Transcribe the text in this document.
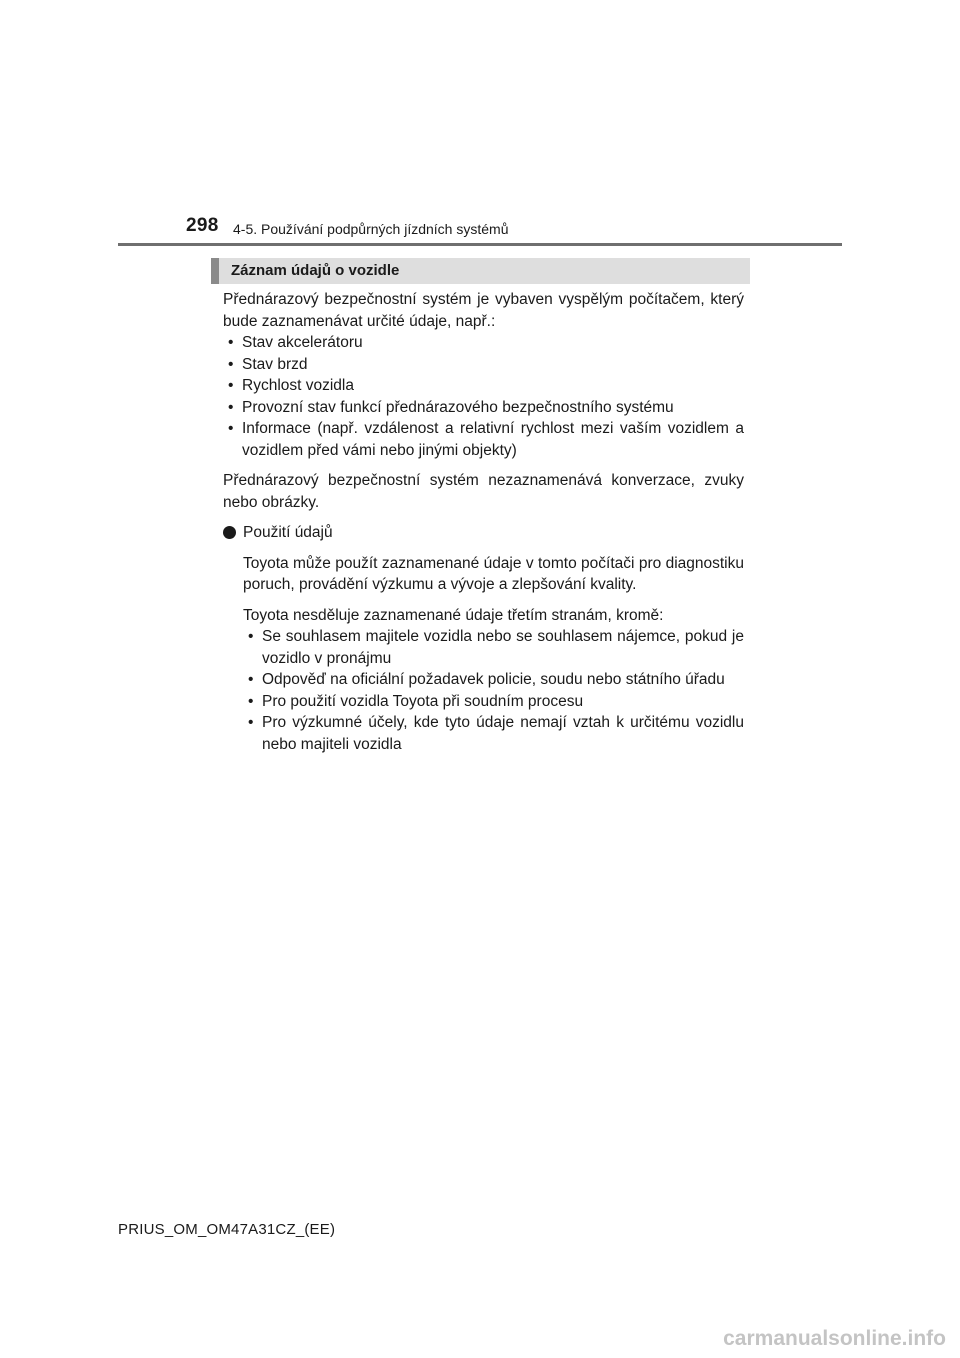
298 4-5. Používání podpůrných jízdních systémů
Záznam údajů o vozidle

Přednárazový bezpečnostní systém je vybaven vyspělým počítačem, který bude zaznamenávat určité údaje, např.:

• Stav akcelerátoru
• Stav brzd
• Rychlost vozidla
• Provozní stav funkcí přednárazového bezpečnostního systému
• Informace (např. vzdálenost a relativní rychlost mezi vaším vozidlem a vozidlem před vámi nebo jinými objekty)

Přednárazový bezpečnostní systém nezaznamenává konverzace, zvuky nebo obrázky.

Použití údajů

Toyota může použít zaznamenané údaje v tomto počítači pro diagnostiku poruch, provádění výzkumu a vývoje a zlepšování kvality.

Toyota nesděluje zaznamenané údaje třetím stranám, kromě:

• Se souhlasem majitele vozidla nebo se souhlasem nájemce, pokud je vozidlo v pronájmu
• Odpověď na oficiální požadavek policie, soudu nebo státního úřadu
• Pro použití vozidla Toyota při soudním procesu
• Pro výzkumné účely, kde tyto údaje nemají vztah k určitému vozidlu nebo majiteli vozidla
PRIUS_OM_OM47A31CZ_(EE)
carmanualsonline.info
